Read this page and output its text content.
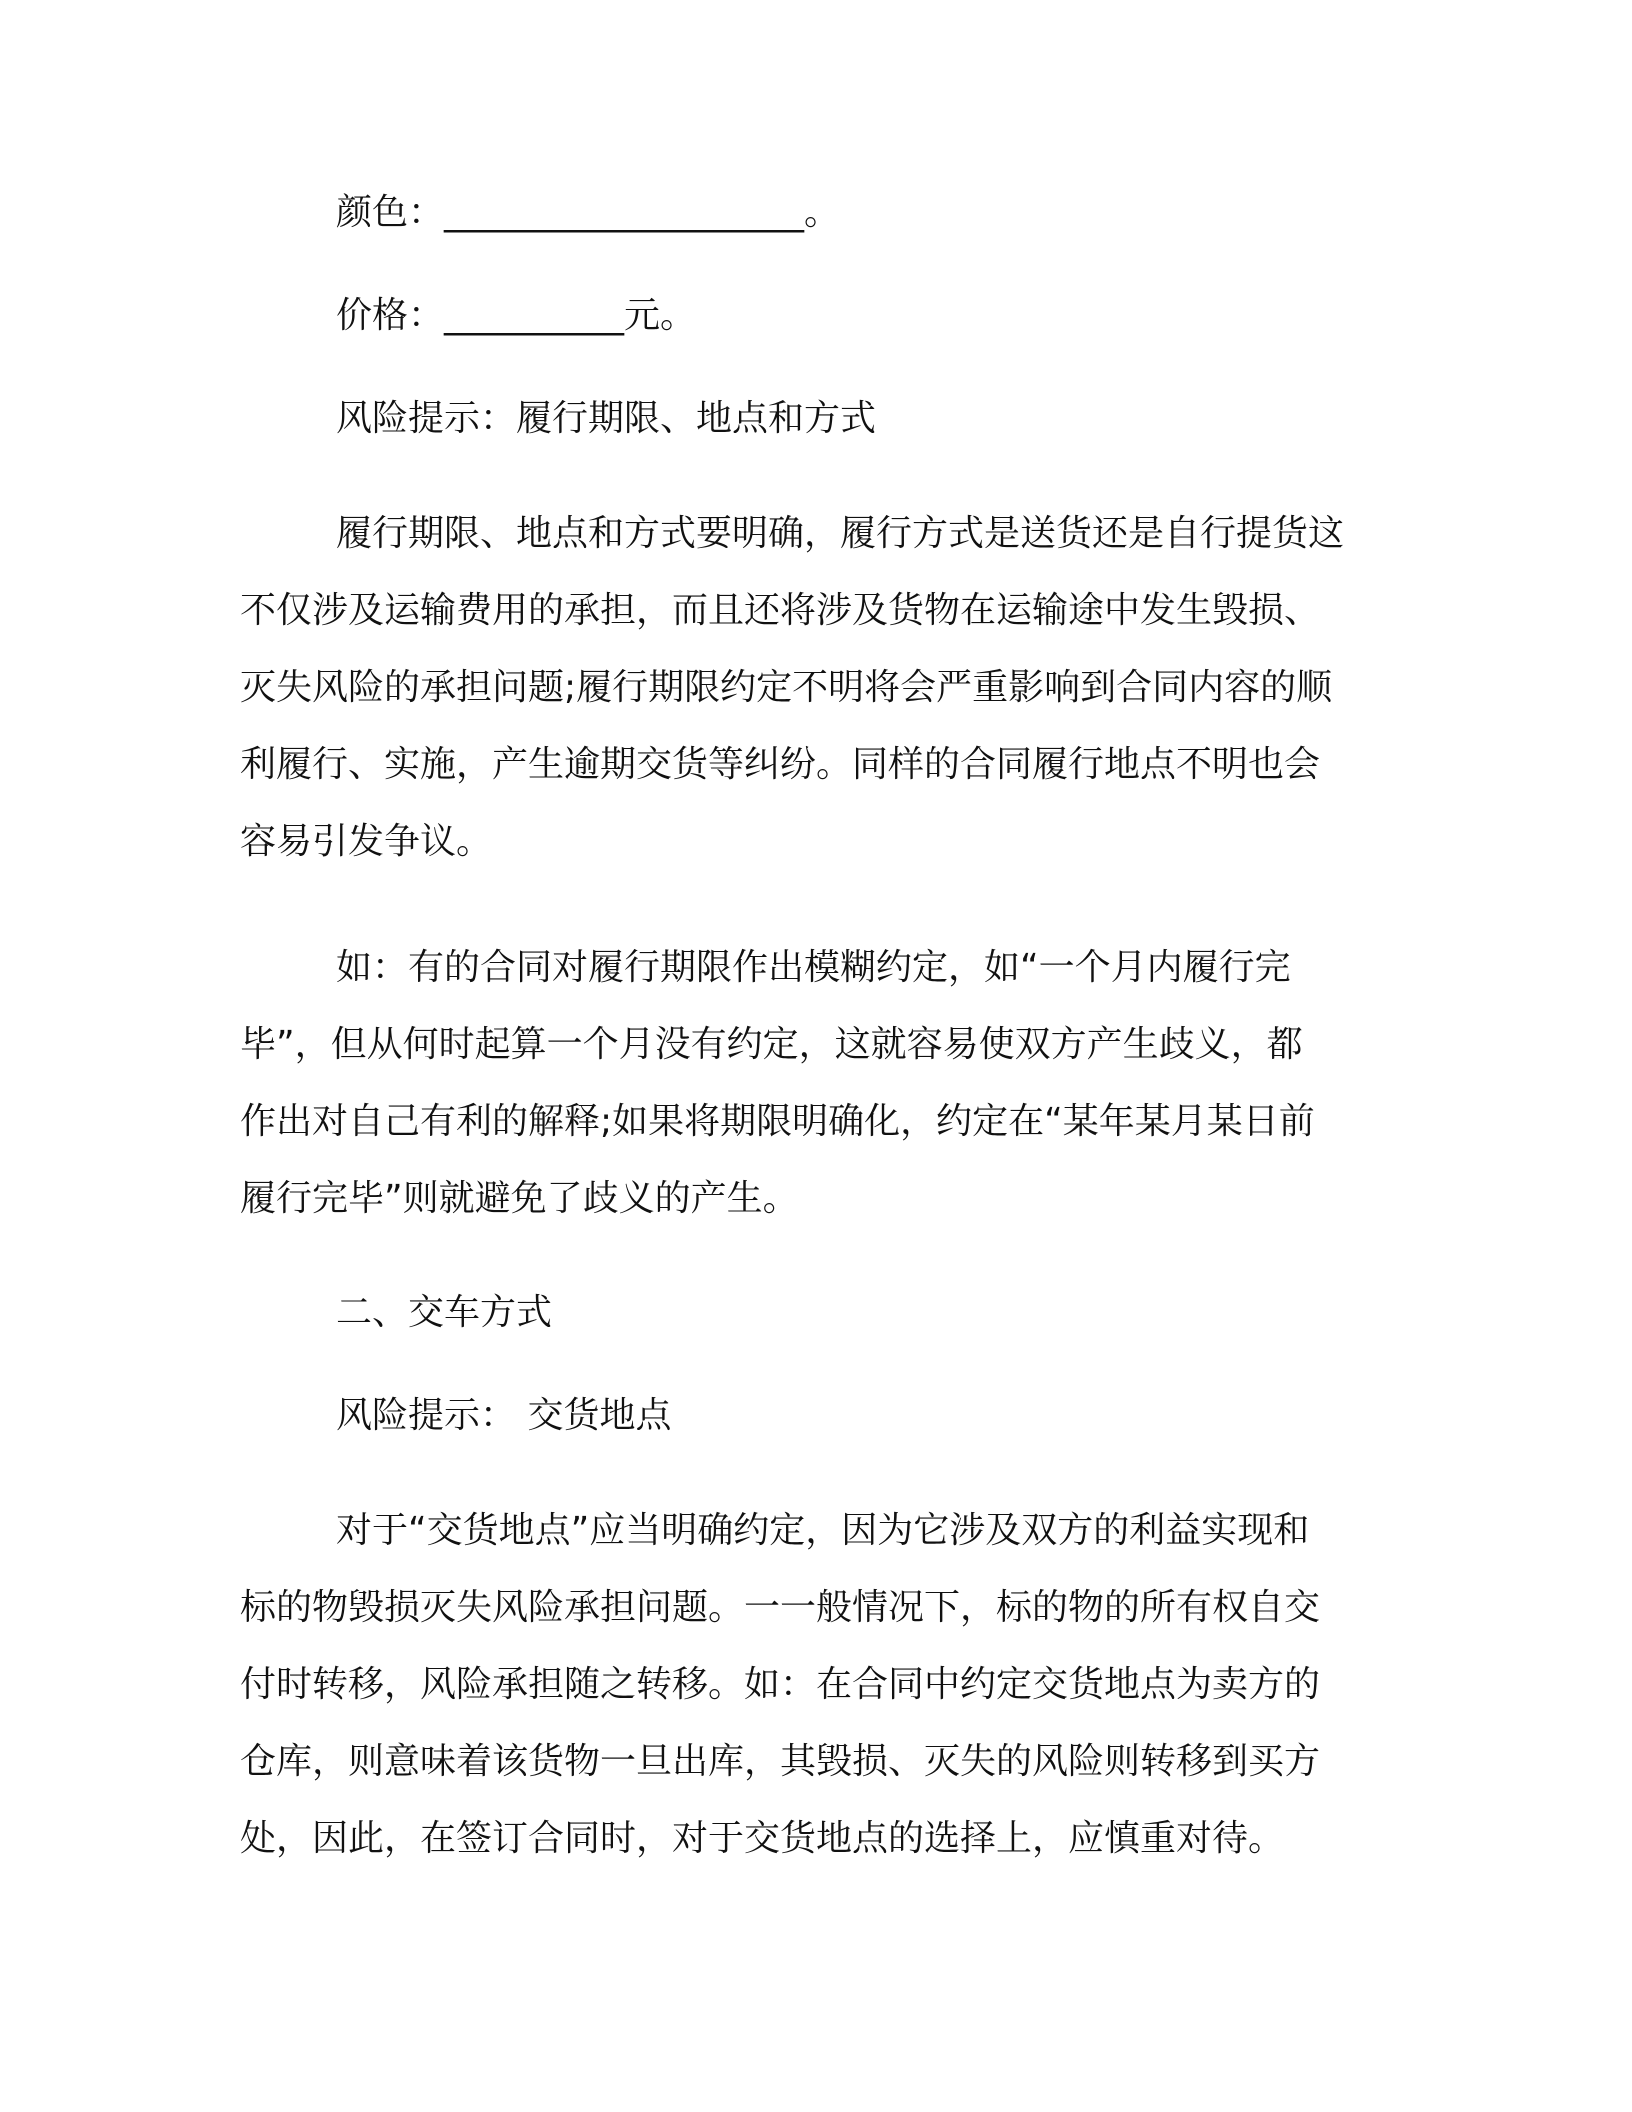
颜色：____________________。
价格：__________元。
风险提示：履行期限、地点和方式
履行期限、地点和方式要明确，履行方式是送货还是自行提货这
不仅涉及运输费用的承担，而且还将涉及货物在运输途中发生毁损、
灭失风险的承担问题;履行期限约定不明将会严重影响到合同内容的顺
利履行、实施，产生逾期交货等纠纷。同样的合同履行地点不明也会
容易引发争议。
如：有的合同对履行期限作出模糊约定，如“一个月内履行完
毕”，但从何时起算一个月没有约定，这就容易使双方产生歧义，都
作出对自己有利的解释;如果将期限明确化，约定在“某年某月某日前
履行完毕”则就避免了歧义的产生。
二、交车方式
风险提示： 交货地点
对于“交货地点”应当明确约定，因为它涉及双方的利益实现和
标的物毁损灭失风险承担问题。一一般情况下，标的物的所有权自交
付时转移，风险承担随之转移。如：在合同中约定交货地点为卖方的
仓库，则意味着该货物一旦出库，其毁损、灭失的风险则转移到买方
处，因此，在签订合同时，对于交货地点的选择上，应慎重对待。
